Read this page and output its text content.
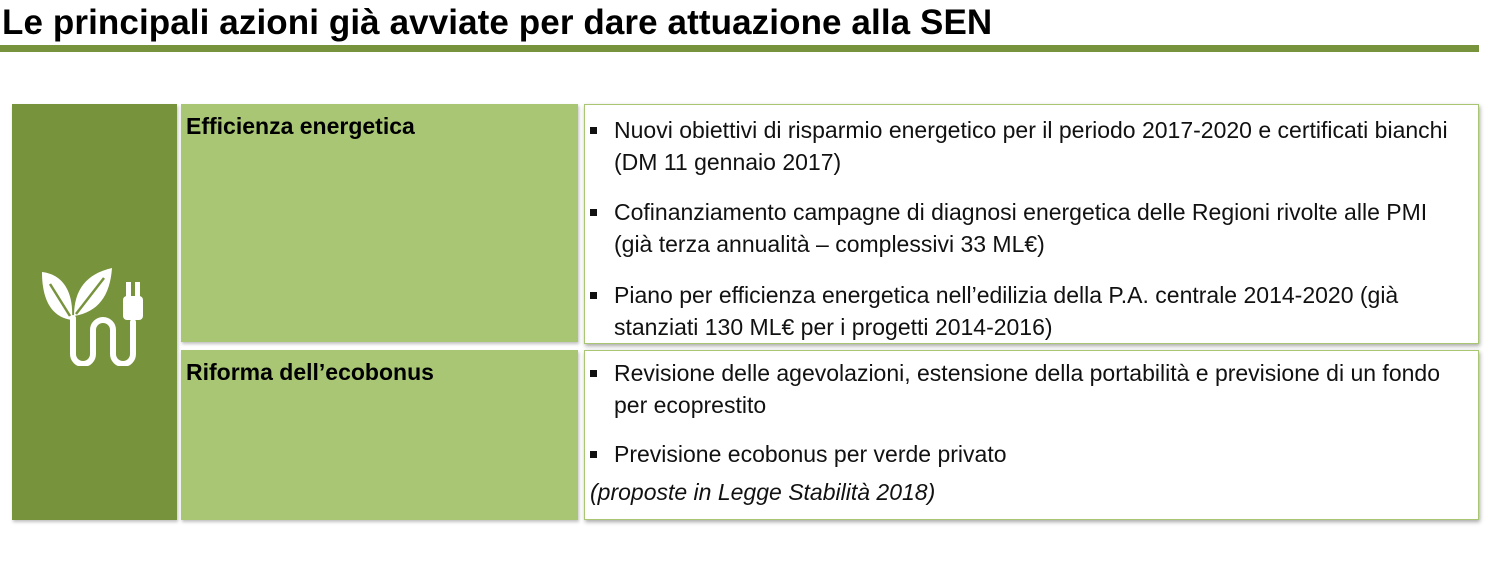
Le principali azioni già avviate per dare attuazione alla SEN
Efficienza energetica
Riforma dell’ecobonus
Nuovi obiettivi di risparmio energetico per il periodo 2017-2020 e certificati bianchi (DM 11 gennaio 2017)
Cofinanziamento campagne di diagnosi energetica delle Regioni rivolte alle PMI (già terza annualità – complessivi 33 ML€)
Piano per efficienza energetica nell’edilizia della P.A. centrale 2014-2020 (già stanziati 130 ML€ per i progetti 2014-2016)
Revisione delle agevolazioni, estensione della portabilità e previsione di un fondo per ecoprestito
Previsione ecobonus per verde privato
(proposte in Legge Stabilità 2018)
